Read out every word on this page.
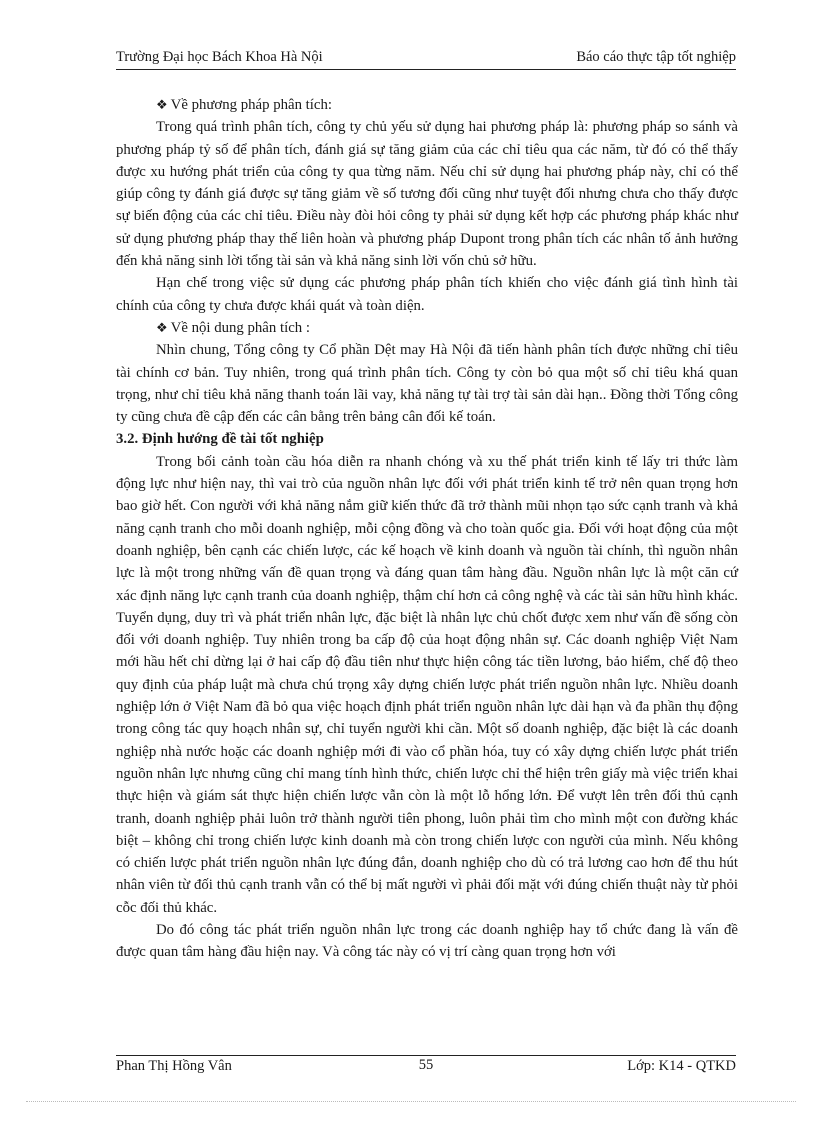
Trường Đại học Bách Khoa Hà Nội	Báo cáo thực tập tốt nghiệp

❖ Về phương pháp phân tích:

Trong quá trình phân tích, công ty chủ yếu sử dụng hai phương pháp là: phương pháp so sánh và phương pháp tỷ số để phân tích, đánh giá sự tăng giảm của các chỉ tiêu qua các năm, từ đó có thể thấy được xu hướng phát triển của công ty qua từng năm. Nếu chỉ sử dụng hai phương pháp này, chỉ có thể giúp công ty đánh giá được sự tăng giảm về số tương đối cũng như tuyệt đối nhưng chưa cho thấy được sự biến động của các chỉ tiêu. Điều này đòi hỏi công ty phải sử dụng kết hợp các phương pháp khác như sử dụng phương pháp thay thế liên hoàn và phương pháp Dupont trong phân tích các nhân tố ảnh hưởng đến khả năng sinh lời tổng tài sản và khả năng sinh lời vốn chủ sở hữu.

Hạn chế trong việc sử dụng các phương pháp phân tích khiến cho việc đánh giá tình hình tài chính của công ty chưa được khái quát và toàn diện.

❖ Về nội dung phân tích :

Nhìn chung, Tổng công ty Cổ phần Dệt may Hà Nội đã tiến hành phân tích được những chỉ tiêu tài chính cơ bản. Tuy nhiên, trong quá trình phân tích. Công ty còn bỏ qua một số chỉ tiêu khá quan trọng, như chỉ tiêu khả năng thanh toán lãi vay, khả năng tự tài trợ tài sản dài hạn.. Đồng thời Tổng công ty cũng chưa đề cập đến các cân bằng trên bảng cân đối kế toán.

3.2. Định hướng đề tài tốt nghiệp

Trong bối cảnh toàn cầu hóa diễn ra nhanh chóng và xu thế phát triển kinh tế lấy tri thức làm động lực như hiện nay, thì vai trò của nguồn nhân lực đối với phát triển kinh tế trở nên quan trọng hơn bao giờ hết. Con người với khả năng nắm giữ kiến thức đã trở thành mũi nhọn tạo sức cạnh tranh và khả năng cạnh tranh cho mỗi doanh nghiệp, mỗi cộng đồng và cho toàn quốc gia. Đối với hoạt động của một doanh nghiệp, bên cạnh các chiến lược, các kế hoạch về kinh doanh và nguồn tài chính, thì nguồn nhân lực là một trong những vấn đề quan trọng và đáng quan tâm hàng đầu. Nguồn nhân lực là một căn cứ xác định năng lực cạnh tranh của doanh nghiệp, thậm chí hơn cả công nghệ và các tài sản hữu hình khác. Tuyển dụng, duy trì và phát triển nhân lực, đặc biệt là nhân lực chủ chốt được xem như vấn đề sống còn đối với doanh nghiệp. Tuy nhiên trong ba cấp độ của hoạt động nhân sự. Các doanh nghiệp Việt Nam mới hầu hết chỉ dừng lại ở hai cấp độ đầu tiên như thực hiện công tác tiền lương, bảo hiểm, chế độ theo quy định của pháp luật mà chưa chú trọng xây dựng chiến lược phát triển nguồn nhân lực. Nhiều doanh nghiệp lớn ở Việt Nam đã bỏ qua việc hoạch định phát triển nguồn nhân lực dài hạn và đa phần thụ động trong công tác quy hoạch nhân sự, chỉ tuyển người khi cần. Một số doanh nghiệp, đặc biệt là các doanh nghiệp nhà nước hoặc các doanh nghiệp mới đi vào cổ phần hóa, tuy có xây dựng chiến lược phát triển nguồn nhân lực nhưng cũng chỉ mang tính hình thức, chiến lược chỉ thể hiện trên giấy mà việc triển khai thực hiện và giám sát thực hiện chiến lược vẫn còn là một lỗ hổng lớn. Để vượt lên trên đối thủ cạnh tranh, doanh nghiệp phải luôn trở thành người tiên phong, luôn phải tìm cho mình một con đường khác biệt – không chỉ trong chiến lược kinh doanh mà còn trong chiến lược con người của mình. Nếu không có chiến lược phát triển nguồn nhân lực đúng đắn, doanh nghiệp cho dù có trả lương cao hơn để thu hút nhân viên từ đối thủ cạnh tranh vẫn có thể bị mất người vì phải đối mặt với đúng chiến thuật này từ phỏi cỗc đối thủ khác.

Do đó công tác phát triển nguồn nhân lực trong các doanh nghiệp hay tổ chức đang là vấn đề được quan tâm hàng đầu hiện nay. Và công tác này có vị trí càng quan trọng hơn với

Phan Thị Hồng Vân	55	Lớp: K14 - QTKD
